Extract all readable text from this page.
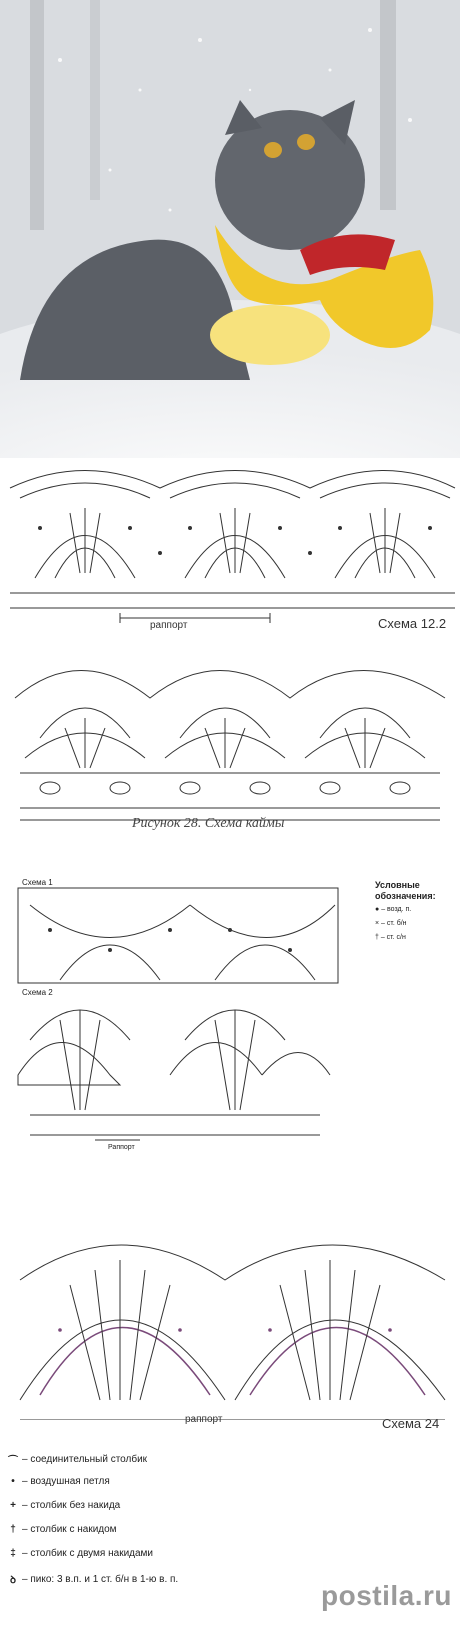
раппорт	Схема 12.2
Рисунок 28. Схема каймы
Схема 1	Условные обозначения:
● – возд. п.
× – ст. б/н
† – ст. с/н
Схема 2
Раппорт
раппорт	Схема 24
⌒ – соединительный столбик
• – воздушная петля
+ – столбик без накида
† – столбик с накидом
‡ – столбик с двумя накидами
ꝺ – пико: 3 в.п. и 1 ст. б/н в 1-ю в. п.
postila.ru
